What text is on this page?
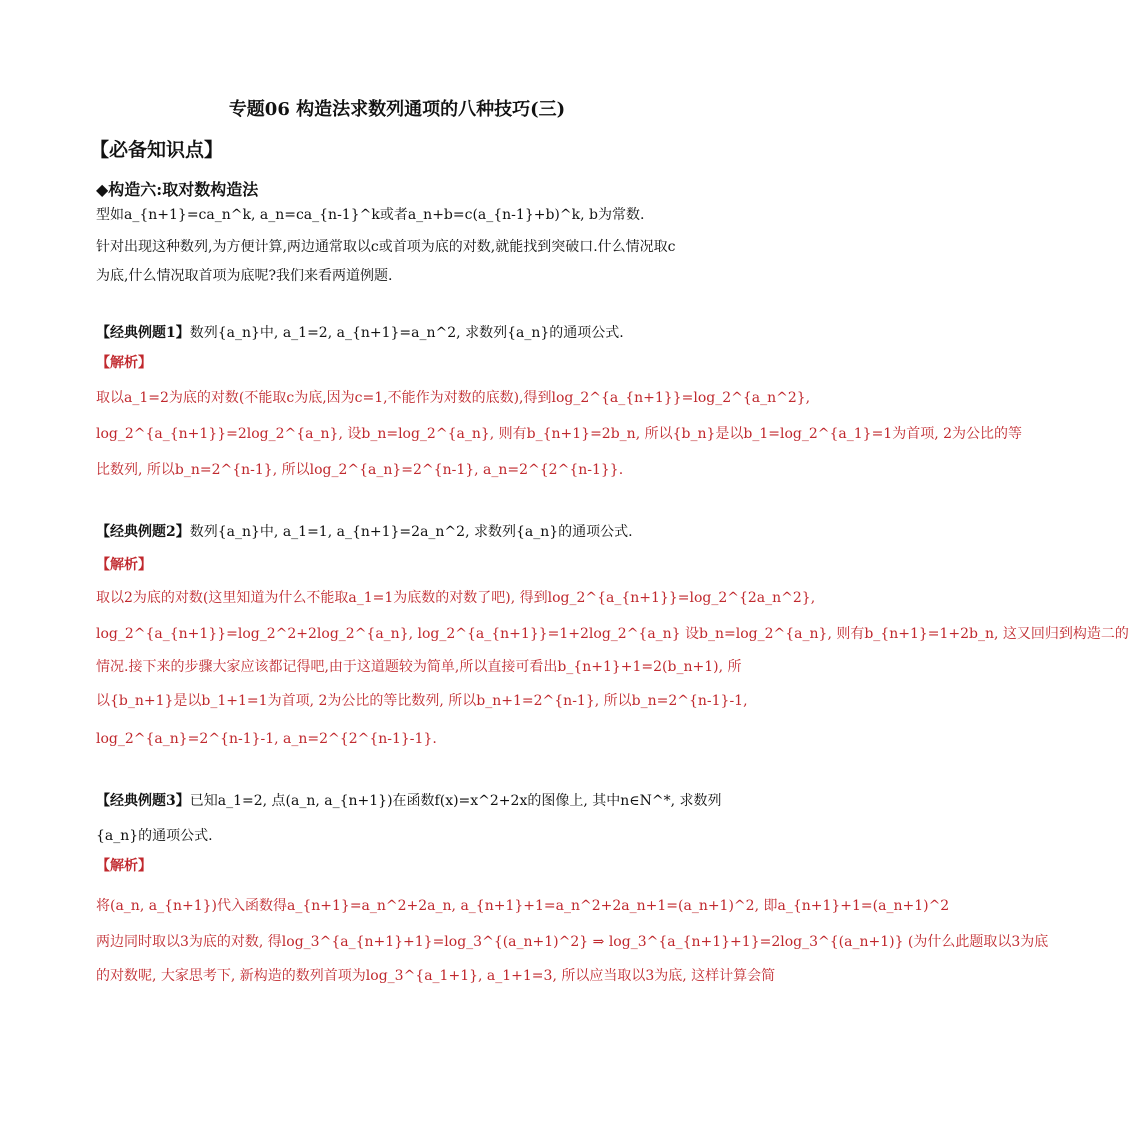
专题06 构造法求数列通项的八种技巧(三)
【必备知识点】
◆构造六:取对数构造法
型如a_{n+1}=ca_n^k, a_n=ca_{n-1}^k或者a_n+b=c(a_{n-1}+b)^k, b为常数.
针对出现这种数列,为方便计算,两边通常取以c或首项为底的对数,就能找到突破口.什么情况取c
为底,什么情况取首项为底呢?我们来看两道例题.
【经典例题1】数列{a_n}中, a_1=2, a_{n+1}=a_n^2, 求数列{a_n}的通项公式.
【解析】
取以a_1=2为底的对数(不能取c为底,因为c=1,不能作为对数的底数),得到log_2^{a_{n+1}}=log_2^{a_n^2},
log_2^{a_{n+1}}=2log_2^{a_n}, 设b_n=log_2^{a_n}, 则有b_{n+1}=2b_n, 所以{b_n}是以b_1=log_2^{a_1}=1为首项, 2为公比的等
比数列, 所以b_n=2^{n-1}, 所以log_2^{a_n}=2^{n-1}, a_n=2^{2^{n-1}}.
【经典例题2】数列{a_n}中, a_1=1, a_{n+1}=2a_n^2, 求数列{a_n}的通项公式.
【解析】
取以2为底的对数(这里知道为什么不能取a_1=1为底数的对数了吧), 得到log_2^{a_{n+1}}=log_2^{2a_n^2},
log_2^{a_{n+1}}=log_2^2+2log_2^{a_n}, log_2^{a_{n+1}}=1+2log_2^{a_n} 设b_n=log_2^{a_n}, 则有b_{n+1}=1+2b_n, 这又回归到构造二的
情况.接下来的步骤大家应该都记得吧,由于这道题较为简单,所以直接可看出b_{n+1}+1=2(b_n+1), 所
以{b_n+1}是以b_1+1=1为首项, 2为公比的等比数列, 所以b_n+1=2^{n-1}, 所以b_n=2^{n-1}-1,
log_2^{a_n}=2^{n-1}-1, a_n=2^{2^{n-1}-1}.
【经典例题3】已知a_1=2, 点(a_n, a_{n+1})在函数f(x)=x^2+2x的图像上, 其中n∈N^*, 求数列
{a_n}的通项公式.
【解析】
将(a_n, a_{n+1})代入函数得a_{n+1}=a_n^2+2a_n, a_{n+1}+1=a_n^2+2a_n+1=(a_n+1)^2, 即a_{n+1}+1=(a_n+1)^2
两边同时取以3为底的对数, 得log_3^{a_{n+1}+1}=log_3^{(a_n+1)^2} ⇒ log_3^{a_{n+1}+1}=2log_3^{(a_n+1)} (为什么此题取以3为底
的对数呢, 大家思考下, 新构造的数列首项为log_3^{a_1+1}, a_1+1=3, 所以应当取以3为底, 这样计算会简
